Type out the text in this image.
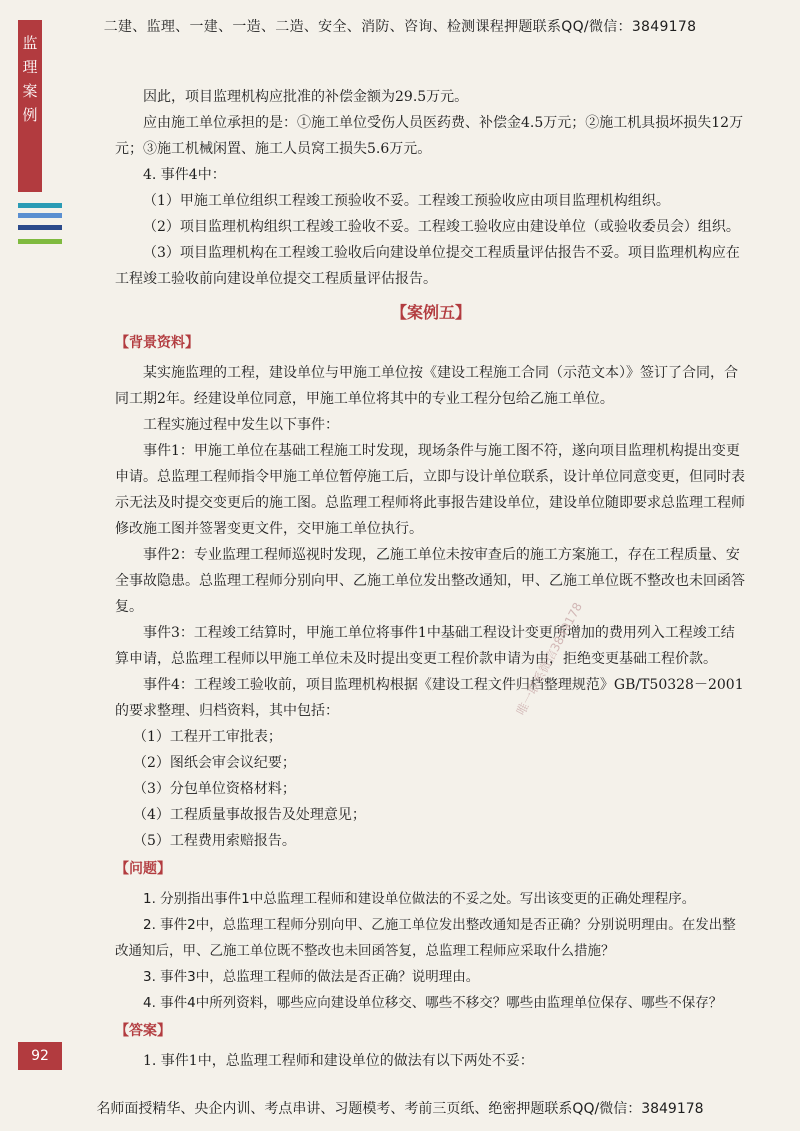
二建、监理、一建、一造、二造、安全、消防、咨询、检测课程押题联系QQ/微信：3849178
监
理
案
例

因此，项目监理机构应批准的补偿金额为29.5万元。

应由施工单位承担的是：①施工单位受伤人员医药费、补偿金4.5万元；②施工机具损坏损失12万元；③施工机械闲置、施工人员窝工损失5.6万元。

4. 事件4中：

（1）甲施工单位组织工程竣工预验收不妥。工程竣工预验收应由项目监理机构组织。

（2）项目监理机构组织工程竣工验收不妥。工程竣工验收应由建设单位（或验收委员会）组织。

（3）项目监理机构在工程竣工验收后向建设单位提交工程质量评估报告不妥。项目监理机构应在工程竣工验收前向建设单位提交工程质量评估报告。

【案例五】
【背景资料】

某实施监理的工程，建设单位与甲施工单位按《建设工程施工合同（示范文本）》签订了合同，合同工期2年。经建设单位同意，甲施工单位将其中的专业工程分包给乙施工单位。

工程实施过程中发生以下事件：

事件1：甲施工单位在基础工程施工时发现，现场条件与施工图不符，遂向项目监理机构提出变更申请。总监理工程师指令甲施工单位暂停施工后，立即与设计单位联系，设计单位同意变更，但同时表示无法及时提交变更后的施工图。总监理工程师将此事报告建设单位，建设单位随即要求总监理工程师修改施工图并签署变更文件，交甲施工单位执行。

事件2：专业监理工程师巡视时发现，乙施工单位未按审查后的施工方案施工，存在工程质量、安全事故隐患。总监理工程师分别向甲、乙施工单位发出整改通知，甲、乙施工单位既不整改也未回函答复。

事件3：工程竣工结算时，甲施工单位将事件1中基础工程设计变更所增加的费用列入工程竣工结算申请，总监理工程师以甲施工单位未及时提出变更工程价款申请为由，拒绝变更基础工程价款。

事件4：工程竣工验收前，项目监理机构根据《建设工程文件归档整理规范》GB/T50328－2001的要求整理、归档资料，其中包括：

（1）工程开工审批表；

（2）图纸会审会议纪要；

（3）分包单位资格材料；

（4）工程质量事故报告及处理意见；

（5）工程费用索赔报告。

【问题】

1. 分别指出事件1中总监理工程师和建设单位做法的不妥之处。写出该变更的正确处理程序。

2. 事件2中，总监理工程师分别向甲、乙施工单位发出整改通知是否正确？分别说明理由。在发出整改通知后，甲、乙施工单位既不整改也未回函答复，总监理工程师应采取什么措施？

3. 事件3中，总监理工程师的做法是否正确？说明理由。

4. 事件4中所列资料，哪些应向建设单位移交、哪些不移交？哪些由监理单位保存、哪些不保存？

【答案】

1. 事件1中，总监理工程师和建设单位的做法有以下两处不妥：

唯一联系微信3849178
92
名师面授精华、央企内训、考点串讲、习题模考、考前三页纸、绝密押题联系QQ/微信：3849178
